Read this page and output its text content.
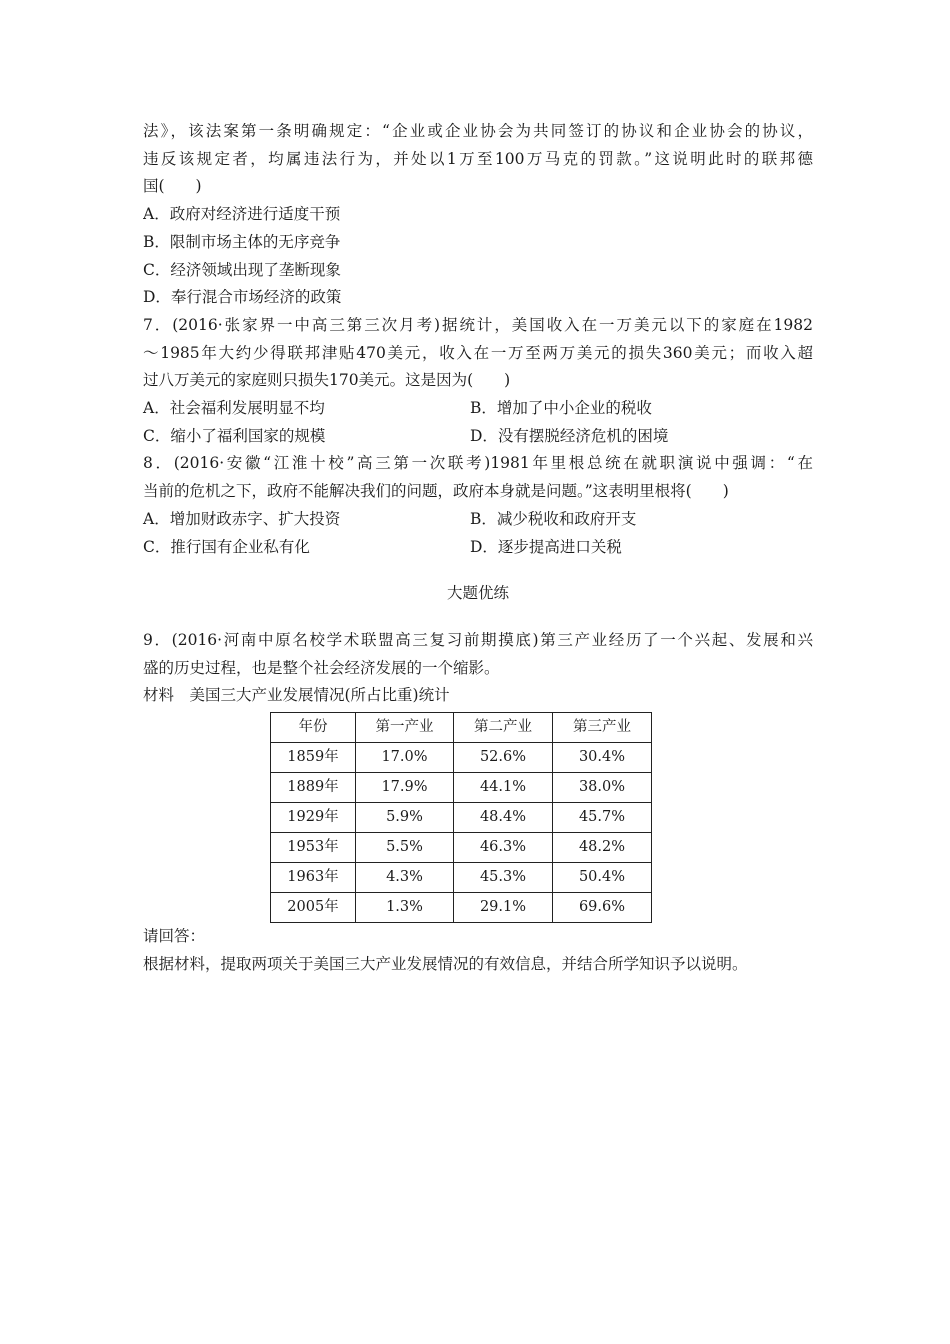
法》，该法案第一条明确规定：“企业或企业协会为共同签订的协议和企业协会的协议，
违反该规定者，均属违法行为，并处以1万至100万马克的罚款。”这说明此时的联邦德
国(　　)
A．政府对经济进行适度干预
B．限制市场主体的无序竞争
C．经济领域出现了垄断现象
D．奉行混合市场经济的政策
7．(2016·张家界一中高三第三次月考)据统计，美国收入在一万美元以下的家庭在1982
～1985年大约少得联邦津贴470美元，收入在一万至两万美元的损失360美元；而收入超
过八万美元的家庭则只损失170美元。这是因为(　　)
A．社会福利发展明显不均	B．增加了中小企业的税收
C．缩小了福利国家的规模	D．没有摆脱经济危机的困境
8．(2016·安徽“江淮十校”高三第一次联考)1981年里根总统在就职演说中强调：“在
当前的危机之下，政府不能解决我们的问题，政府本身就是问题。”这表明里根将(　　)
A．增加财政赤字、扩大投资	B．减少税收和政府开支
C．推行国有企业私有化	D．逐步提高进口关税
大题优练
9．(2016·河南中原名校学术联盟高三复习前期摸底)第三产业经历了一个兴起、发展和兴
盛的历史过程，也是整个社会经济发展的一个缩影。
材料　美国三大产业发展情况(所占比重)统计
年份	第一产业	第二产业	第三产业
1859年	17.0%	52.6%	30.4%
1889年	17.9%	44.1%	38.0%
1929年	5.9%	48.4%	45.7%
1953年	5.5%	46.3%	48.2%
1963年	4.3%	45.3%	50.4%
2005年	1.3%	29.1%	69.6%
请回答：
根据材料，提取两项关于美国三大产业发展情况的有效信息，并结合所学知识予以说明。
